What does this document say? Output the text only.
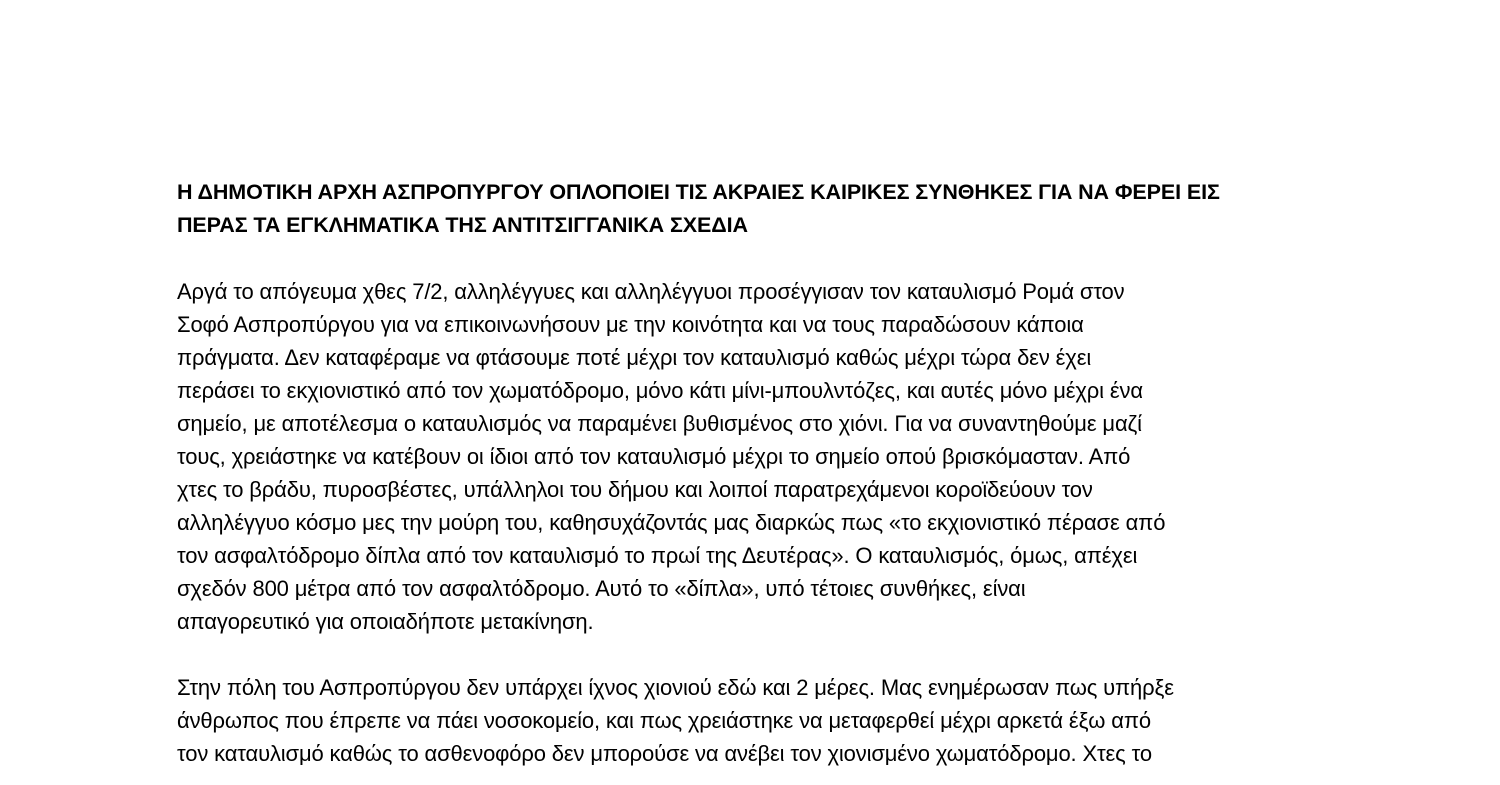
Η ΔΗΜΟΤΙΚΗ ΑΡΧΗ ΑΣΠΡΟΠΥΡΓΟΥ ΟΠΛΟΠΟΙΕΙ ΤΙΣ ΑΚΡΑΙΕΣ ΚΑΙΡΙΚΕΣ ΣΥΝΘΗΚΕΣ ΓΙΑ ΝΑ ΦΕΡΕΙ ΕΙΣ
ΠΕΡΑΣ ΤΑ ΕΓΚΛΗΜΑΤΙΚΑ ΤΗΣ ΑΝΤΙΤΣΙΓΓΑΝΙΚΑ ΣΧΕΔΙΑ
Αργά το απόγευμα χθες 7/2, αλληλέγγυες και αλληλέγγυοι προσέγγισαν τον καταυλισμό Ρομά στον
Σοφό Ασπροπύργου για να επικοινωνήσουν με την κοινότητα και να τους παραδώσουν κάποια
πράγματα. Δεν καταφέραμε να φτάσουμε ποτέ μέχρι τον καταυλισμό καθώς μέχρι τώρα δεν έχει
περάσει το εκχιονιστικό από τον χωματόδρομο, μόνο κάτι μίνι-μπουλντόζες, και αυτές μόνο μέχρι ένα
σημείο, με αποτέλεσμα ο καταυλισμός να παραμένει βυθισμένος στο χιόνι. Για να συναντηθούμε μαζί
τους, χρειάστηκε να κατέβουν οι ίδιοι από τον καταυλισμό μέχρι το σημείο οπού βρισκόμασταν. Από
χτες το βράδυ, πυροσβέστες, υπάλληλοι του δήμου και λοιποί παρατρεχάμενοι κοροϊδεύουν τον
αλληλέγγυο κόσμο μες την μούρη του, καθησυχάζοντάς μας διαρκώς πως «το εκχιονιστικό πέρασε από
τον ασφαλτόδρομο δίπλα από τον καταυλισμό το πρωί της Δευτέρας». Ο καταυλισμός, όμως, απέχει
σχεδόν 800 μέτρα από τον ασφαλτόδρομο. Αυτό το «δίπλα», υπό τέτοιες συνθήκες, είναι
απαγορευτικό για οποιαδήποτε μετακίνηση.
Στην πόλη του Ασπροπύργου δεν υπάρχει ίχνος χιονιού εδώ και 2 μέρες. Μας ενημέρωσαν πως υπήρξε
άνθρωπος που έπρεπε να πάει νοσοκομείο, και πως χρειάστηκε να μεταφερθεί μέχρι αρκετά έξω από
τον καταυλισμό καθώς το ασθενοφόρο δεν μπορούσε να ανέβει τον χιονισμένο χωματόδρομο. Χτες το
